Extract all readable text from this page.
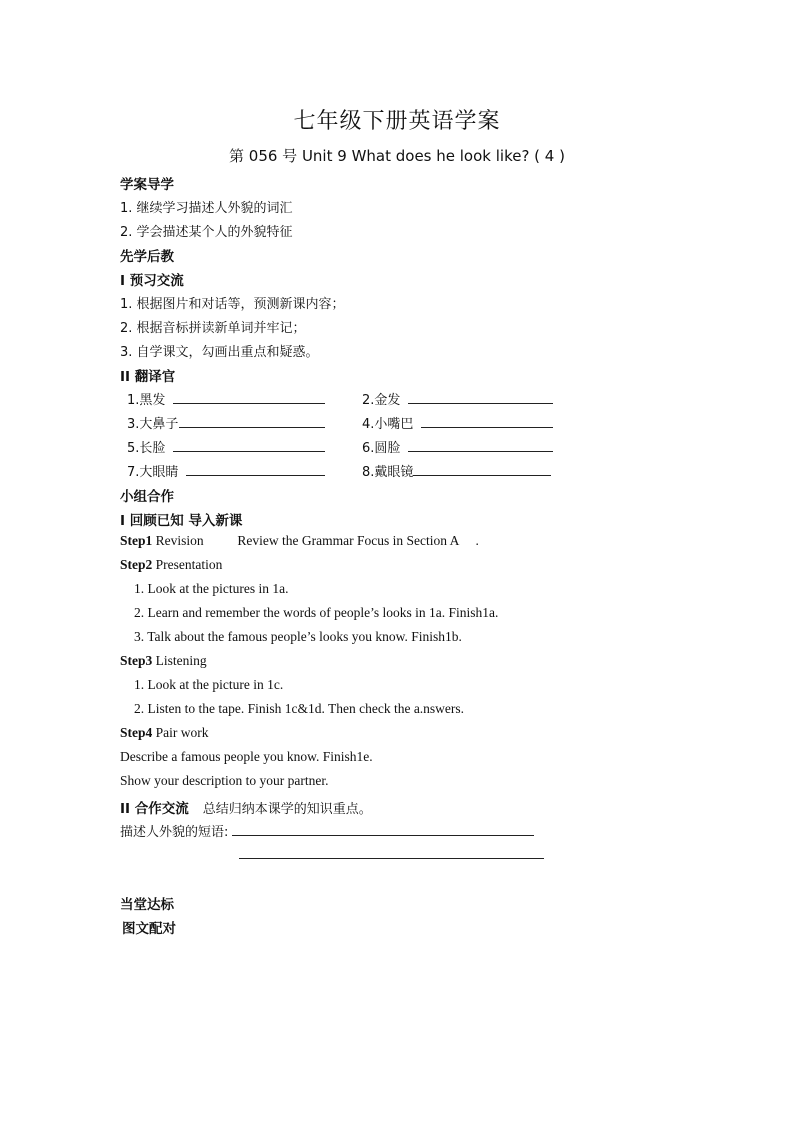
七年级下册英语学案
第 056 号 Unit 9 What does he look like? ( 4 )
学案导学
1. 继续学习描述人外貌的词汇
2. 学会描述某个人的外貌特征
先学后教
I 预习交流
1. 根据图片和对话等，预测新课内容；
2. 根据音标拼读新单词并牢记；
3. 自学课文，勾画出重点和疑惑。
II 翻译官
1.黑发	2.金发
3.大鼻子	4.小嘴巴
5.长脸	6.圆脸
7.大眼睛	8.戴眼镜
小组合作
I 回顾已知 导入新课
Step1 Revision          Review the Grammar Focus in Section A     .
Step2 Presentation
1. Look at the pictures in 1a.
2. Learn and remember the words of people’s looks in 1a. Finish1a.
3. Talk about the famous people’s looks you know. Finish1b.
Step3 Listening
1. Look at the picture in 1c.
2. Listen to the tape. Finish 1c&1d. Then check the a.nswers.
Step4 Pair work
Describe a famous people you know. Finish1e.
Show your description to your partner.
II 合作交流 总结归纳本课学的知识重点。
描述人外貌的短语:
当堂达标
图文配对
